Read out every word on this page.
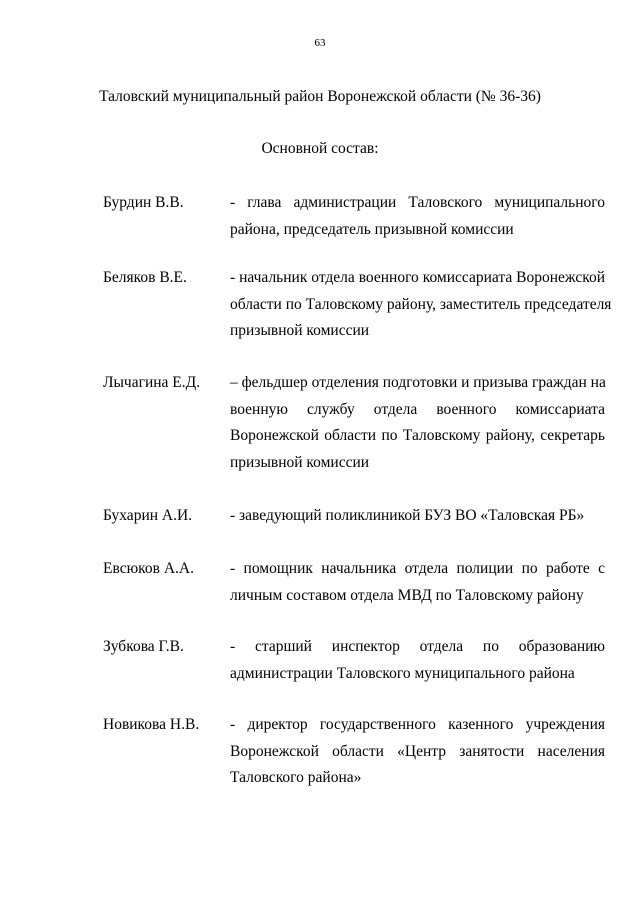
63
Таловский муниципальный район Воронежской области (№ 36-36)
Основной состав:
Бурдин В.В.	- глава администрации Таловского муниципального
района, председатель призывной комиссии
Беляков В.Е.	- начальник отдела военного комиссариата Воронежской
области по Таловскому району, заместитель председателя
призывной комиссии
Лычагина Е.Д. – фельдшер отделения подготовки и призыва граждан на
военную службу отдела военного комиссариата
Воронежской области по Таловскому району, секретарь
призывной комиссии
Бухарин А.И. - заведующий поликлиникой БУЗ ВО «Таловская РБ»
Евсюков А.А. - помощник начальника отдела полиции по работе с
личным составом отдела МВД по Таловскому району
Зубкова Г.В.	- старший инспектор отдела по образованию
администрации Таловского муниципального района
Новикова Н.В. - директор государственного казенного учреждения
Воронежской области «Центр занятости населения
Таловского района»
